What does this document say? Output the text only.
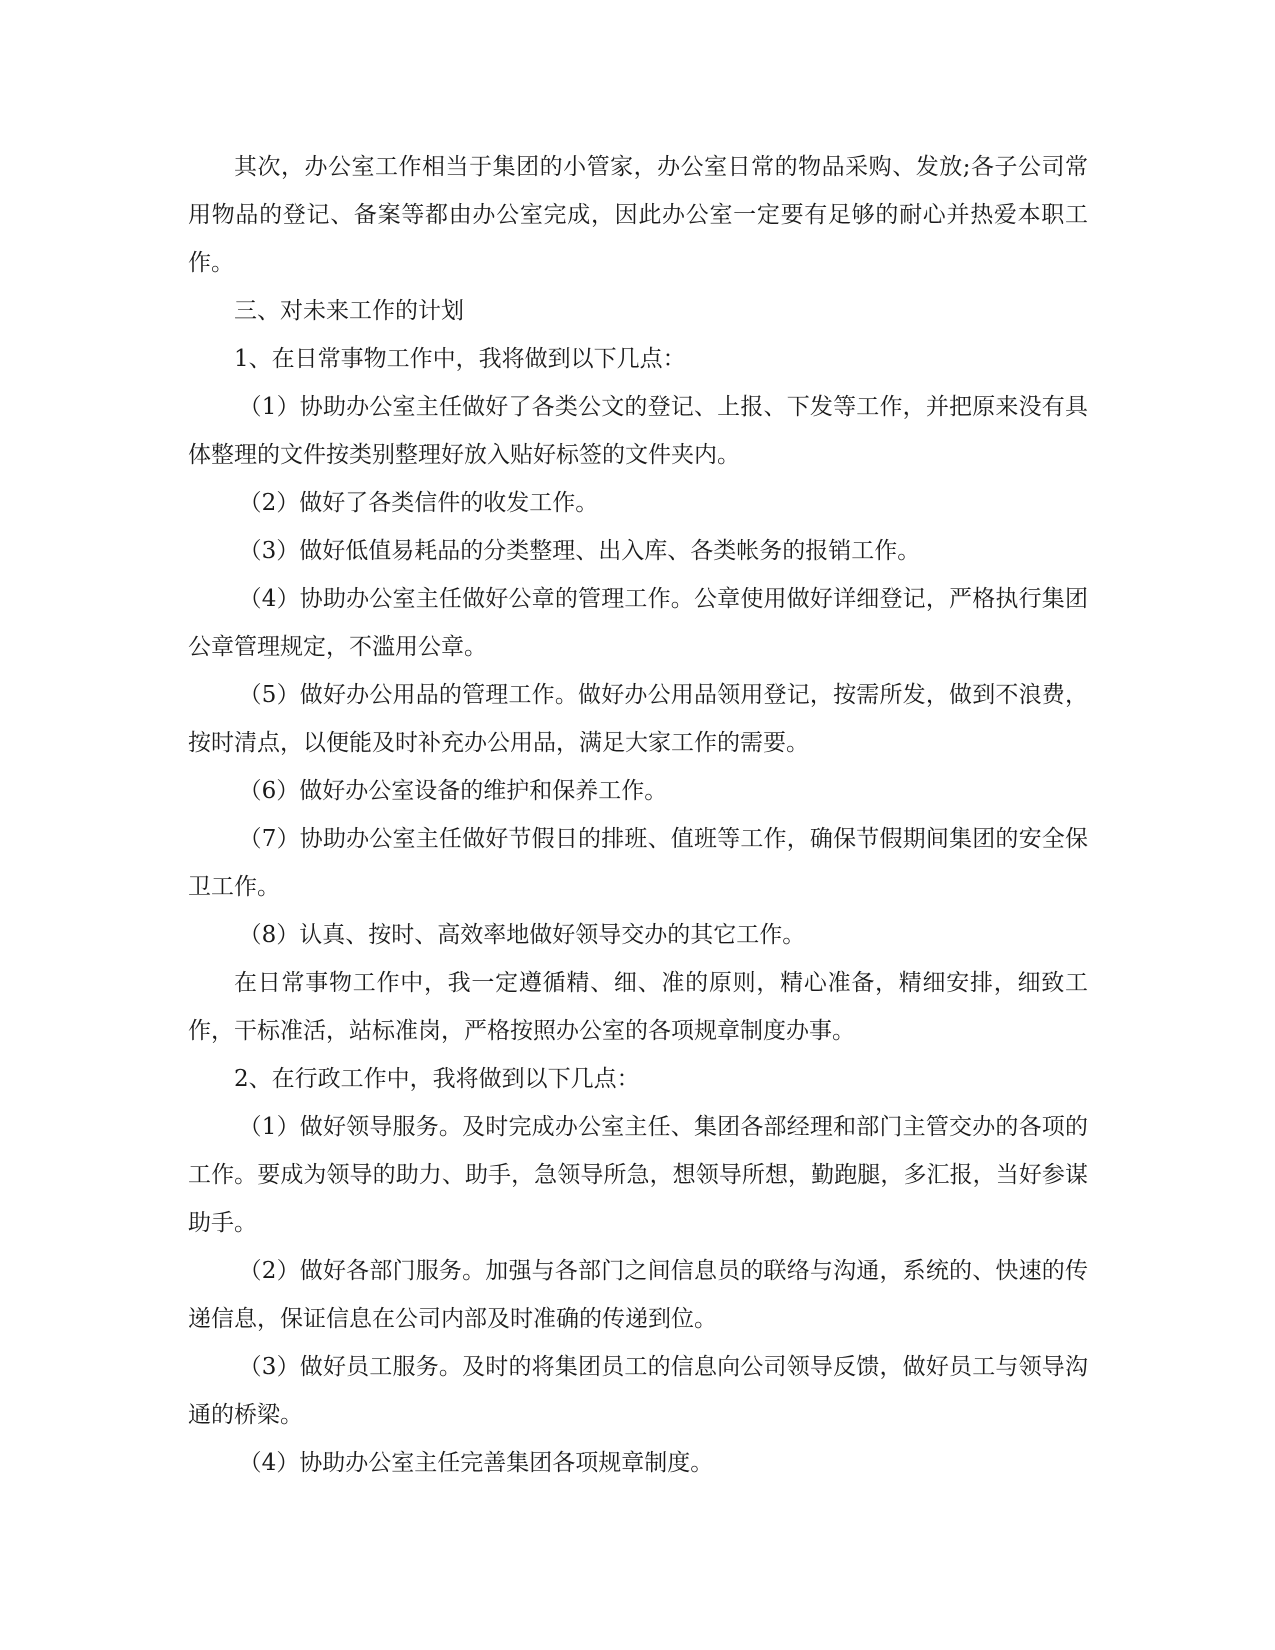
其次，办公室工作相当于集团的小管家，办公室日常的物品采购、发放;各子公司常用物品的登记、备案等都由办公室完成，因此办公室一定要有足够的耐心并热爱本职工作。

三、对未来工作的计划

1、在日常事物工作中，我将做到以下几点：

（1）协助办公室主任做好了各类公文的登记、上报、下发等工作，并把原来没有具体整理的文件按类别整理好放入贴好标签的文件夹内。

（2）做好了各类信件的收发工作。

（3）做好低值易耗品的分类整理、出入库、各类帐务的报销工作。

（4）协助办公室主任做好公章的管理工作。公章使用做好详细登记，严格执行集团公章管理规定，不滥用公章。

（5）做好办公用品的管理工作。做好办公用品领用登记，按需所发，做到不浪费，按时清点，以便能及时补充办公用品，满足大家工作的需要。

（6）做好办公室设备的维护和保养工作。

（7）协助办公室主任做好节假日的排班、值班等工作，确保节假期间集团的安全保卫工作。

（8）认真、按时、高效率地做好领导交办的其它工作。

在日常事物工作中，我一定遵循精、细、准的原则，精心准备，精细安排，细致工作，干标准活，站标准岗，严格按照办公室的各项规章制度办事。

2、在行政工作中，我将做到以下几点：

（1）做好领导服务。及时完成办公室主任、集团各部经理和部门主管交办的各项的工作。要成为领导的助力、助手，急领导所急，想领导所想，勤跑腿，多汇报，当好参谋助手。

（2）做好各部门服务。加强与各部门之间信息员的联络与沟通，系统的、快速的传递信息，保证信息在公司内部及时准确的传递到位。

（3）做好员工服务。及时的将集团员工的信息向公司领导反馈，做好员工与领导沟通的桥梁。

（4）协助办公室主任完善集团各项规章制度。
